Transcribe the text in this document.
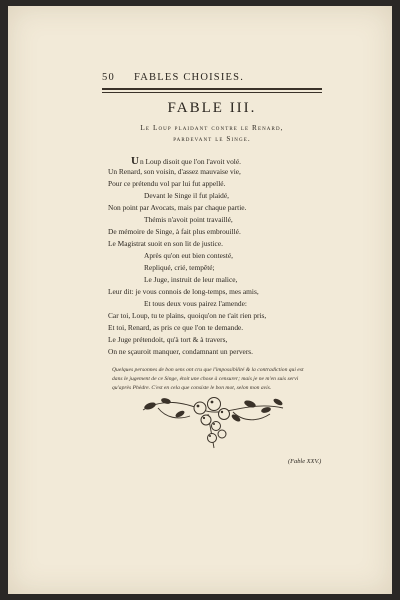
50 FABLES CHOISIES.
FABLE III.
Le Loup plaidant contre le Renard,
pardevant le Singe.
Un Loup disoit que l'on l'avoit volé.
Un Renard, son voisin, d'assez mauvaise vie,
Pour ce prétendu vol par lui fut appellé.
Devant le Singe il fut plaidé,
Non point par Avocats, mais par chaque partie.
Thémis n'avoit point travaillé,
De mémoire de Singe, à fait plus embrouillé.
Le Magistrat suoit en son lit de justice.
Après qu'on eut bien contesté,
Repliqué, crié, tempêté;
Le Juge, instruit de leur malice,
Leur dit: je vous connois de long-temps, mes amis,
Et tous deux vous pairez l'amende:
Car toi, Loup, tu te plains, quoiqu'on ne t'ait rien pris,
Et toi, Renard, as pris ce que l'on te demande.
Le Juge prétendoit, qu'à tort & à travers,
On ne sçauroit manquer, condamnant un pervers.
Quelques personnes de bon sens ont cru que l'impossibilité & la contradiction qui est
dans le jugement de ce Singe, étoit une chose à censurer; mais je ne m'en suis servi
qu'après Phèdre. C'est en cela que consiste le bon mot, selon mon avis.
(Fable XXV.)
